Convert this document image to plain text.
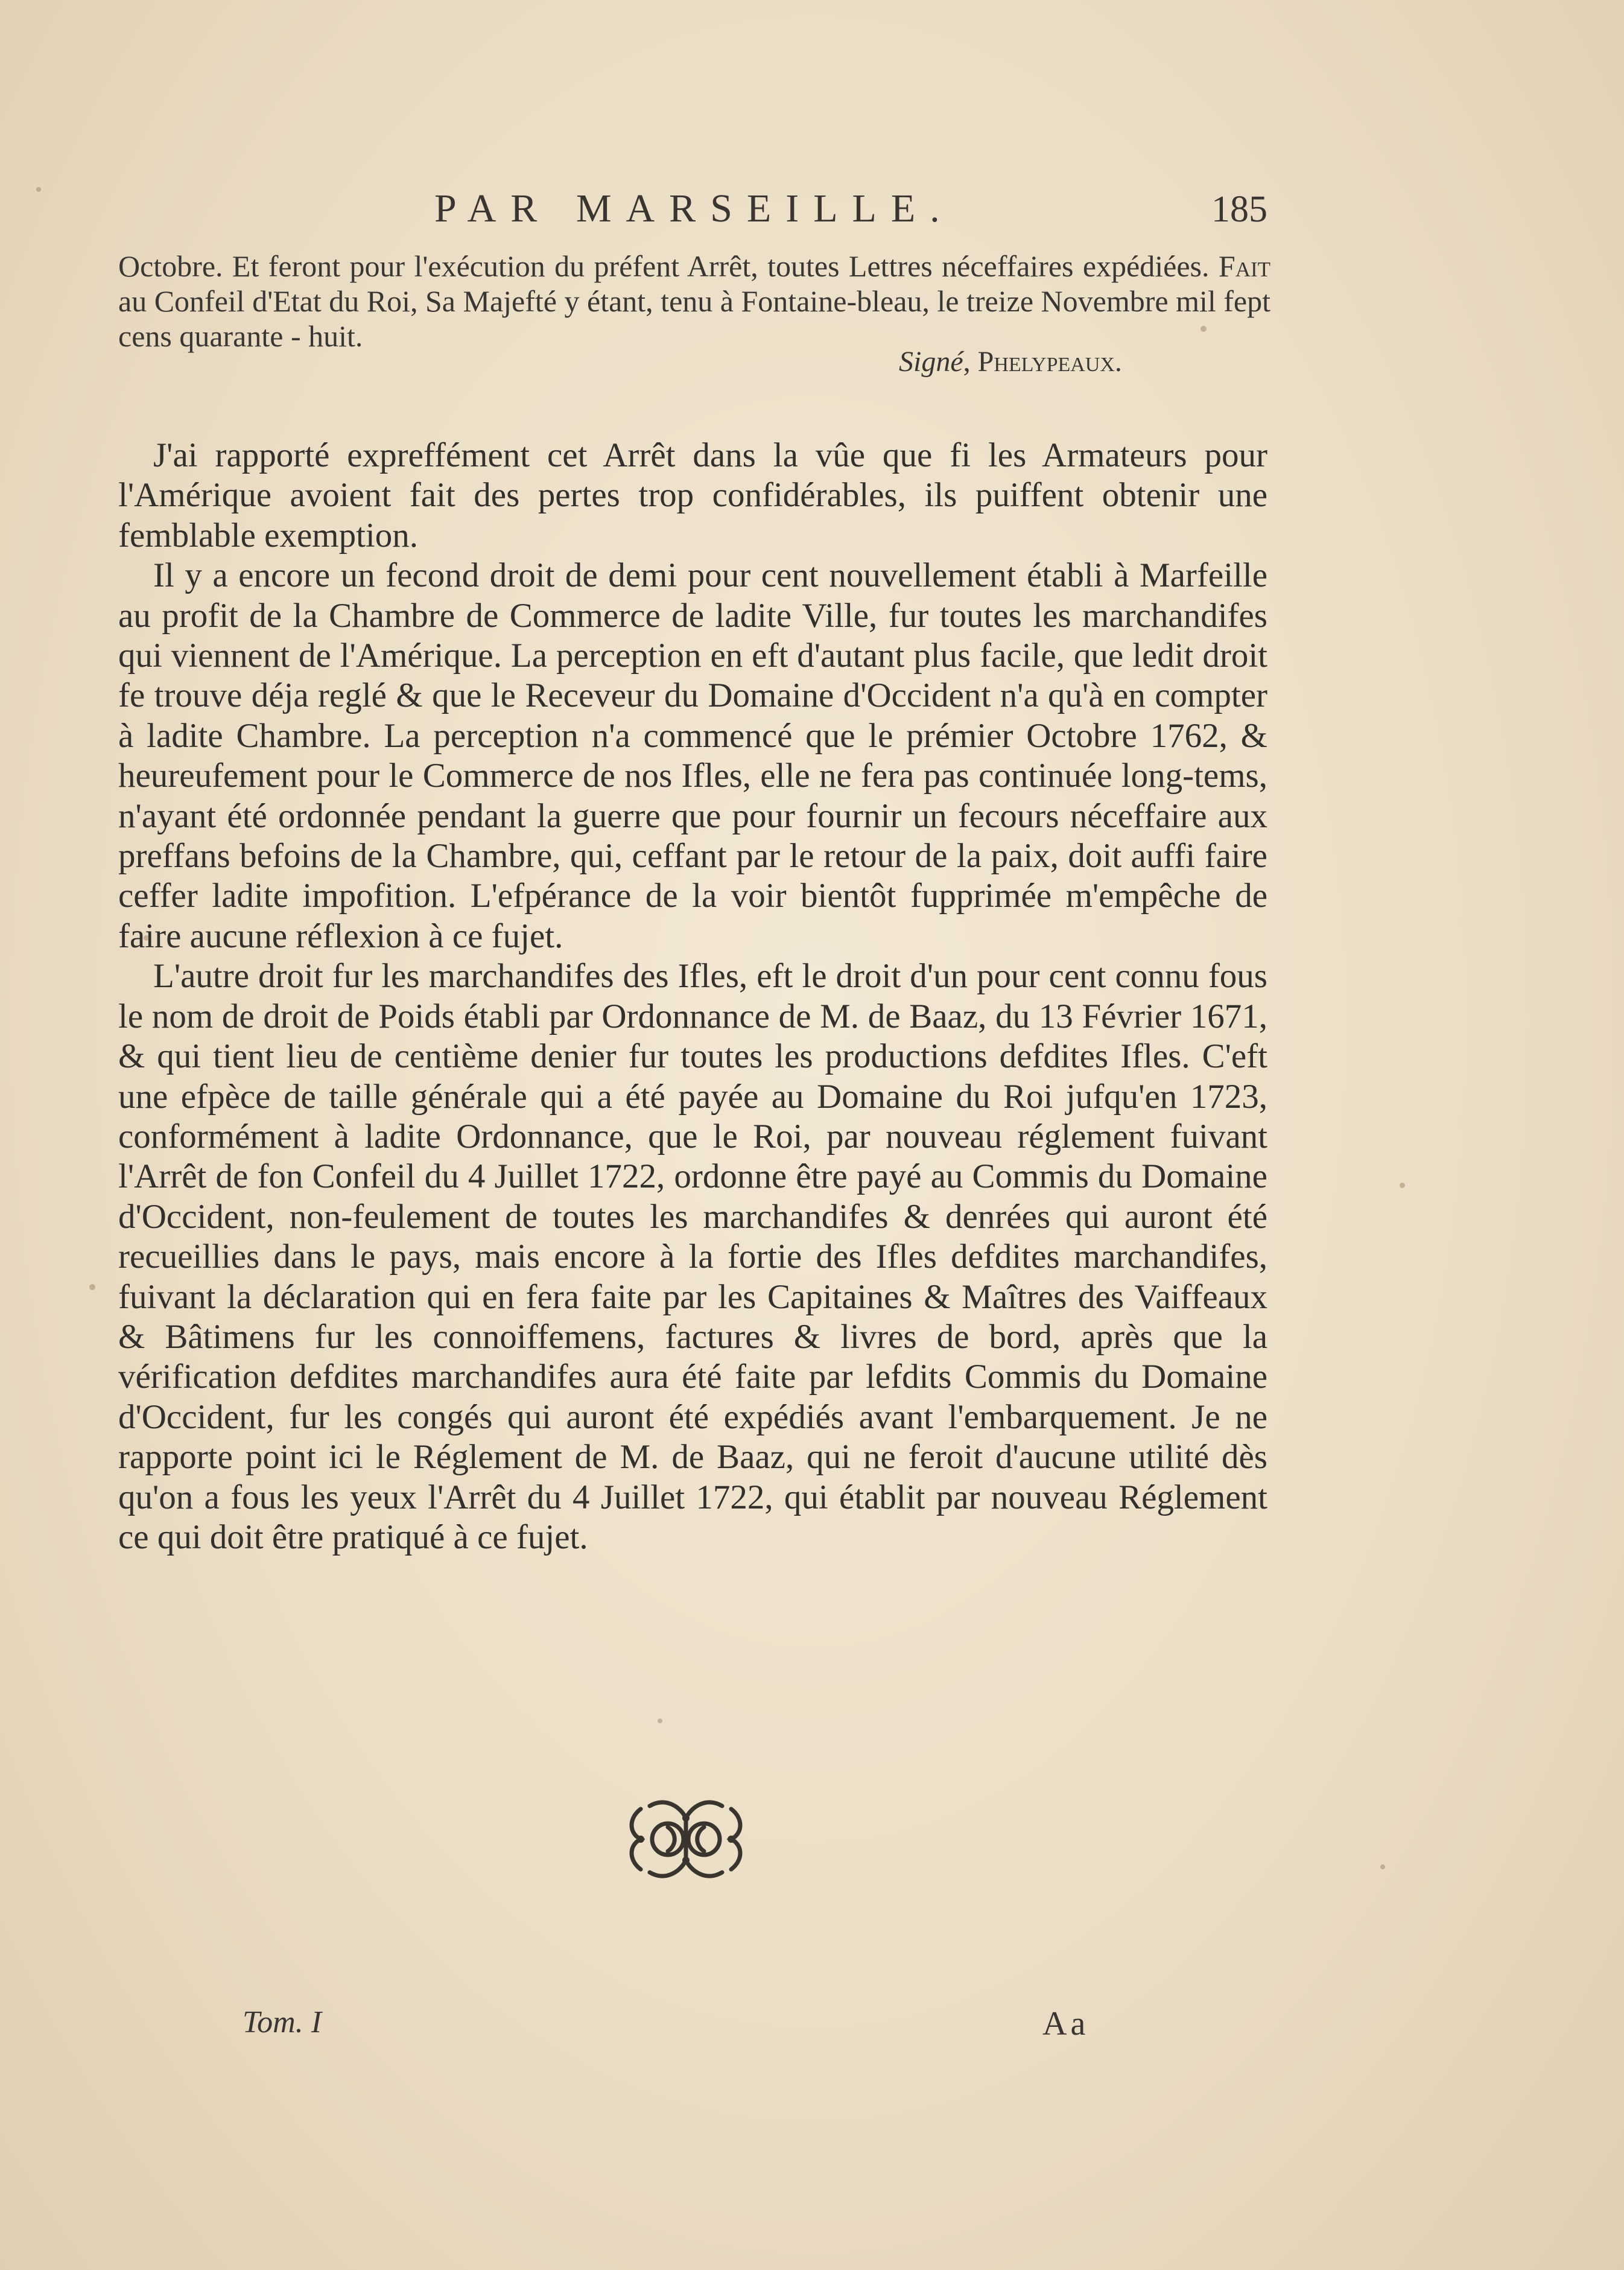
PAR MARSEILLE.	185
Octobre. Et feront pour l'exécution du préfent Arrêt, toutes Lettres néceffaires expédiées. Fait au Confeil d'Etat du Roi, Sa Majefté y étant, tenu à Fontaine-bleau, le treize Novembre mil fept cens quarante - huit.
Signé, Phelypeaux.

J'ai rapporté expreffément cet Arrêt dans la vûe que fi les Armateurs pour l'Amérique avoient fait des pertes trop confidérables, ils puiffent obtenir une femblable exemption.

Il y a encore un fecond droit de demi pour cent nouvellement établi à Marfeille au profit de la Chambre de Commerce de ladite Ville, fur toutes les marchandifes qui viennent de l'Amérique. La perception en eft d'autant plus facile, que ledit droit fe trouve déja reglé & que le Receveur du Domaine d'Occident n'a qu'à en compter à ladite Chambre. La perception n'a commencé que le prémier Octobre 1762, & heureufement pour le Commerce de nos Ifles, elle ne fera pas continuée long-tems, n'ayant été ordonnée pendant la guerre que pour fournir un fecours néceffaire aux preffans befoins de la Chambre, qui, ceffant par le retour de la paix, doit auffi faire ceffer ladite impofition. L'efpérance de la voir bientôt fupprimée m'empêche de faire aucune réflexion à ce fujet.

L'autre droit fur les marchandifes des Ifles, eft le droit d'un pour cent connu fous le nom de droit de Poids établi par Ordonnance de M. de Baaz, du 13 Février 1671, & qui tient lieu de centième denier fur toutes les productions defdites Ifles. C'eft une efpèce de taille générale qui a été payée au Domaine du Roi jufqu'en 1723, conformément à ladite Ordonnance, que le Roi, par nouveau réglement fuivant l'Arrêt de fon Confeil du 4 Juillet 1722, ordonne être payé au Commis du Domaine d'Occident, non-feulement de toutes les marchandifes & denrées qui auront été recueillies dans le pays, mais encore à la fortie des Ifles defdites marchandifes, fuivant la déclaration qui en fera faite par les Capitaines & Maîtres des Vaiffeaux & Bâtimens fur les connoiffemens, factures & livres de bord, après que la vérification defdites marchandifes aura été faite par lefdits Commis du Domaine d'Occident, fur les congés qui auront été expédiés avant l'embarquement. Je ne rapporte point ici le Réglement de M. de Baaz, qui ne feroit d'aucune utilité dès qu'on a fous les yeux l'Arrêt du 4 Juillet 1722, qui établit par nouveau Réglement ce qui doit être pratiqué à ce fujet.

Tom. I	Aa
